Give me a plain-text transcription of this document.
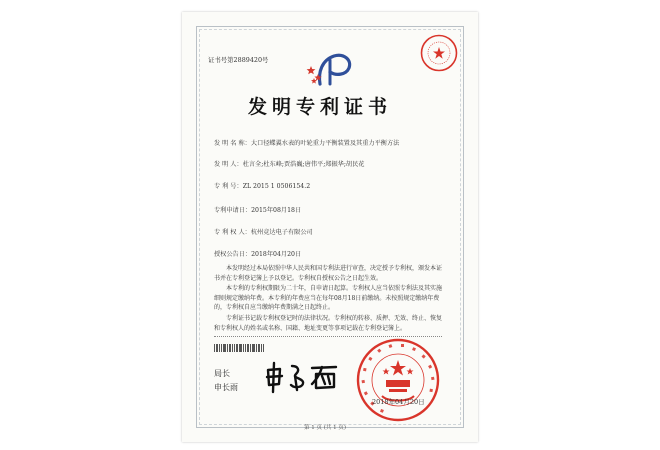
证书号第2889420号
发明专利证书
发 明 名 称：大口径蝶翼水表的叶轮重力平衡装置及其重力平衡方法
发 明 人：杜言全;杜东峰;贾浩巍;唐伟平;郑振华;胡民花
专 利 号：ZL 2015 1 0506154.2
专利申请日：2015年08月18日
专 利 权 人：杭州竞达电子有限公司
授权公告日：2018年04月20日
本发明经过本局依照中华人民共和国专利法进行审查，决定授予专利权，颁发本证书并在专利登记簿上予以登记。专利权自授权公告之日起生效。
本专利的专利权期限为二十年，自申请日起算。专利权人应当依照专利法及其实施细则规定缴纳年费。本专利的年费应当在每年08月18日前缴纳。未按照规定缴纳年费的，专利权自应当缴纳年费期满之日起终止。
专利证书记载专利权登记时的法律状况。专利权的转移、质押、无效、终止、恢复和专利权人的姓名或名称、国籍、地址变更等事项记载在专利登记簿上。
局长
申长雨
2018年04月20日
第 1 页 (共 1 页)
